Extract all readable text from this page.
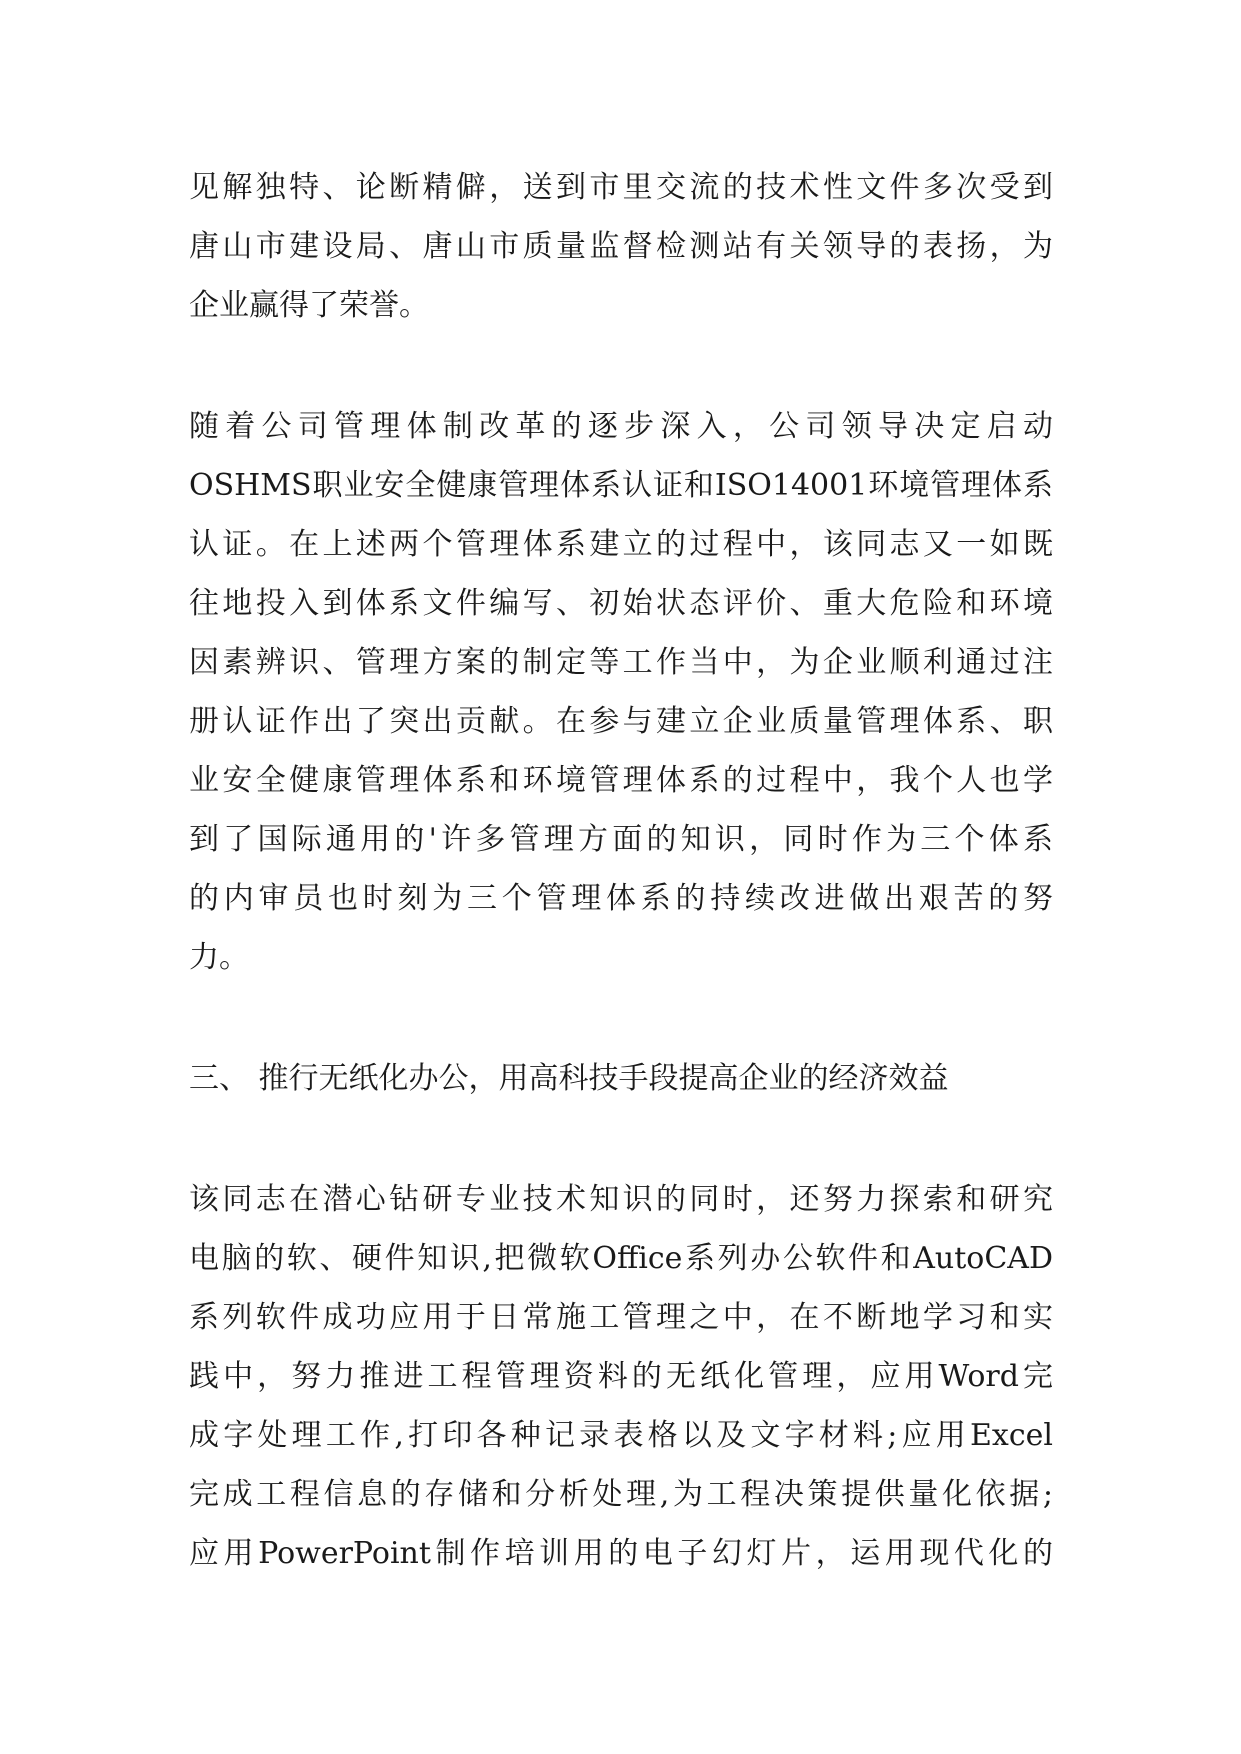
见解独特、论断精僻，送到市里交流的技术性文件多次受到
唐山市建设局、唐山市质量监督检测站有关领导的表扬，为
企业赢得了荣誉。
随着公司管理体制改革的逐步深入，公司领导决定启动
OSHMS职业安全健康管理体系认证和ISO14001环境管理体系
认证。在上述两个管理体系建立的过程中，该同志又一如既
往地投入到体系文件编写、初始状态评价、重大危险和环境
因素辨识、管理方案的制定等工作当中，为企业顺利通过注
册认证作出了突出贡献。在参与建立企业质量管理体系、职
业安全健康管理体系和环境管理体系的过程中，我个人也学
到了国际通用的'许多管理方面的知识，同时作为三个体系
的内审员也时刻为三个管理体系的持续改进做出艰苦的努
力。
三、 推行无纸化办公，用高科技手段提高企业的经济效益
该同志在潜心钻研专业技术知识的同时，还努力探索和研究
电脑的软、硬件知识,把微软Office系列办公软件和AutoCAD
系列软件成功应用于日常施工管理之中，在不断地学习和实
践中，努力推进工程管理资料的无纸化管理，应用Word完
成字处理工作,打印各种记录表格以及文字材料;应用Excel
完成工程信息的存储和分析处理,为工程决策提供量化依据;
应用PowerPoint制作培训用的电子幻灯片，运用现代化的
